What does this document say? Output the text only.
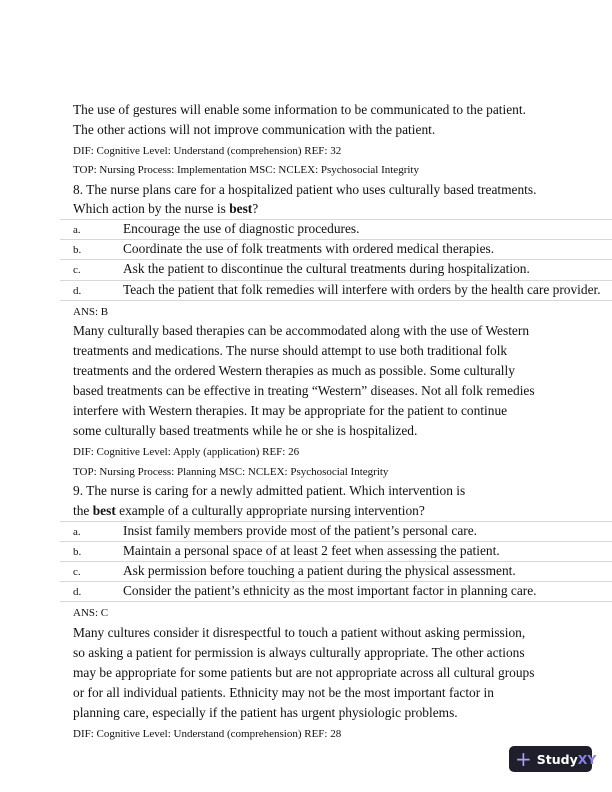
The use of gestures will enable some information to be communicated to the patient.
The other actions will not improve communication with the patient.
DIF: Cognitive Level: Understand (comprehension) REF: 32
TOP: Nursing Process: Implementation MSC: NCLEX: Psychosocial Integrity
8. The nurse plans care for a hospitalized patient who uses culturally based treatments.
Which action by the nurse is best?
a.	Encourage the use of diagnostic procedures.
b.	Coordinate the use of folk treatments with ordered medical therapies.
c.	Ask the patient to discontinue the cultural treatments during hospitalization.
d.	Teach the patient that folk remedies will interfere with orders by the health care provider.
ANS: B
Many culturally based therapies can be accommodated along with the use of Western
treatments and medications. The nurse should attempt to use both traditional folk
treatments and the ordered Western therapies as much as possible. Some culturally
based treatments can be effective in treating “Western” diseases. Not all folk remedies
interfere with Western therapies. It may be appropriate for the patient to continue
some culturally based treatments while he or she is hospitalized.
DIF: Cognitive Level: Apply (application) REF: 26
TOP: Nursing Process: Planning MSC: NCLEX: Psychosocial Integrity
9. The nurse is caring for a newly admitted patient. Which intervention is
the best example of a culturally appropriate nursing intervention?
a.	Insist family members provide most of the patient’s personal care.
b.	Maintain a personal space of at least 2 feet when assessing the patient.
c.	Ask permission before touching a patient during the physical assessment.
d.	Consider the patient’s ethnicity as the most important factor in planning care.
ANS: C
Many cultures consider it disrespectful to touch a patient without asking permission,
so asking a patient for permission is always culturally appropriate. The other actions
may be appropriate for some patients but are not appropriate across all cultural groups
or for all individual patients. Ethnicity may not be the most important factor in
planning care, especially if the patient has urgent physiologic problems.
DIF: Cognitive Level: Understand (comprehension) REF: 28
+ StudyXY
